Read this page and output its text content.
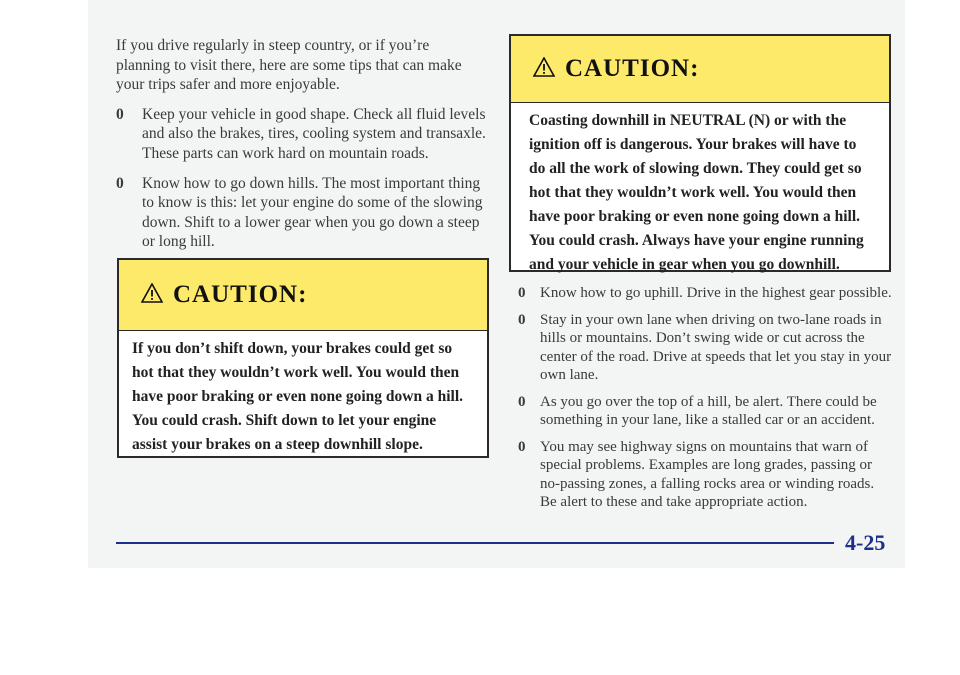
If you drive regularly in steep country, or if you’re planning to visit there, here are some tips that can make your trips safer and more enjoyable.

0 Keep your vehicle in good shape. Check all fluid levels and also the brakes, tires, cooling system and transaxle. These parts can work hard on mountain roads.
0 Know how to go down hills. The most important thing to know is this: let your engine do some of the slowing down. Shift to a lower gear when you go down a steep or long hill.
CAUTION:
If you don’t shift down, your brakes could get so hot that they wouldn’t work well. You would then have poor braking or even none going down a hill. You could crash. Shift down to let your engine assist your brakes on a steep downhill slope.
CAUTION:
Coasting downhill in NEUTRAL (N) or with the ignition off is dangerous. Your brakes will have to do all the work of slowing down. They could get so hot that they wouldn’t work well. You would then have poor braking or even none going down a hill. You could crash. Always have your engine running and your vehicle in gear when you go downhill.
0 Know how to go uphill. Drive in the highest gear possible.
0 Stay in your own lane when driving on two-lane roads in hills or mountains. Don’t swing wide or cut across the center of the road. Drive at speeds that let you stay in your own lane.
0 As you go over the top of a hill, be alert. There could be something in your lane, like a stalled car or an accident.
0 You may see highway signs on mountains that warn of special problems. Examples are long grades, passing or no-passing zones, a falling rocks area or winding roads. Be alert to these and take appropriate action.
4-25
